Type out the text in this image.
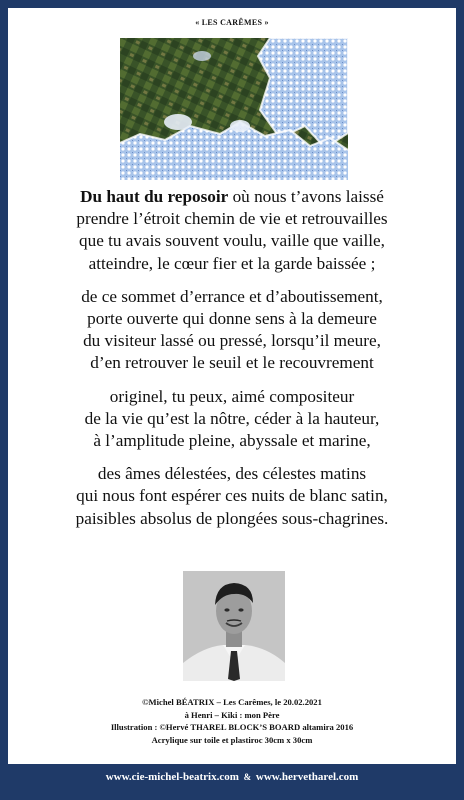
« LES CARÊMES »
Du haut du reposoir où nous t’avons laissé
prendre l’étroit chemin de vie et retrouvailles
que tu avais souvent voulu, vaille que vaille,
atteindre, le cœur fier et la garde baissée ;
de ce sommet d’errance et d’aboutissement,
porte ouverte qui donne sens à la demeure
du visiteur lassé ou pressé, lorsqu’il meure,
d’en retrouver le seuil et le recouvrement
originel, tu peux, aimé compositeur
de la vie qu’est la nôtre, céder à la hauteur,
à l’amplitude pleine, abyssale et marine,
des âmes délestées, des célestes matins
qui nous font espérer ces nuits de blanc satin,
paisibles absolus de plongées sous-chagrines.
©Michel BÉATRIX – Les Carêmes, le 20.02.2021
à Henri – Kiki : mon Père
Illustration : ©Hervé THAREL BLOCK’S BOARD altamira 2016
Acrylique sur toile et plastiroc 30cm x 30cm
www.cie-michel-beatrix.com & www.hervetharel.com
